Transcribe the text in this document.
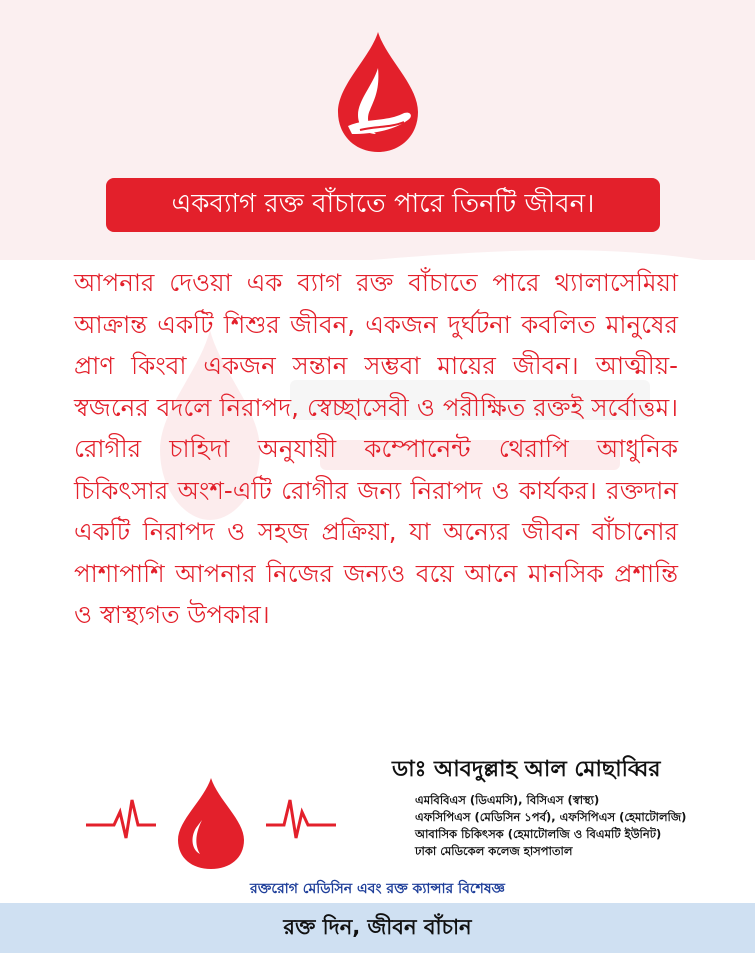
একব্যাগ রক্ত বাঁচাতে পারে তিনটি জীবন।
আপনার দেওয়া এক ব্যাগ রক্ত বাঁচাতে পারে থ্যালাসেমিয়া আক্রান্ত একটি শিশুর জীবন, একজন দুর্ঘটনা কবলিত মানুষের প্রাণ কিংবা একজন সন্তান সম্ভবা মায়ের জীবন। আত্মীয়-স্বজনের বদলে নিরাপদ, স্বেচ্ছাসেবী ও পরীক্ষিত রক্তই সর্বোত্তম। রোগীর চাহিদা অনুযায়ী কম্পোনেন্ট থেরাপি আধুনিক চিকিৎসার অংশ-এটি রোগীর জন্য নিরাপদ ও কার্যকর। রক্তদান একটি নিরাপদ ও সহজ প্রক্রিয়া, যা অন্যের জীবন বাঁচানোর পাশাপাশি আপনার নিজের জন্যও বয়ে আনে মানসিক প্রশান্তি ও স্বাস্থ্যগত উপকার।
ডাঃ আবদুল্লাহ আল মোছাব্বির
এমবিবিএস (ডিএমসি), বিসিএস (স্বাস্থ্য)
এফসিপিএস (মেডিসিন ১পর্ব), এফসিপিএস (হেমাটোলজি)
আবাসিক চিকিৎসক (হেমাটোলজি ও বিএমটি ইউনিট)
ঢাকা মেডিকেল কলেজ হাসপাতাল
রক্তরোগ মেডিসিন এবং রক্ত ক্যান্সার বিশেষজ্ঞ
রক্ত দিন, জীবন বাঁচান
